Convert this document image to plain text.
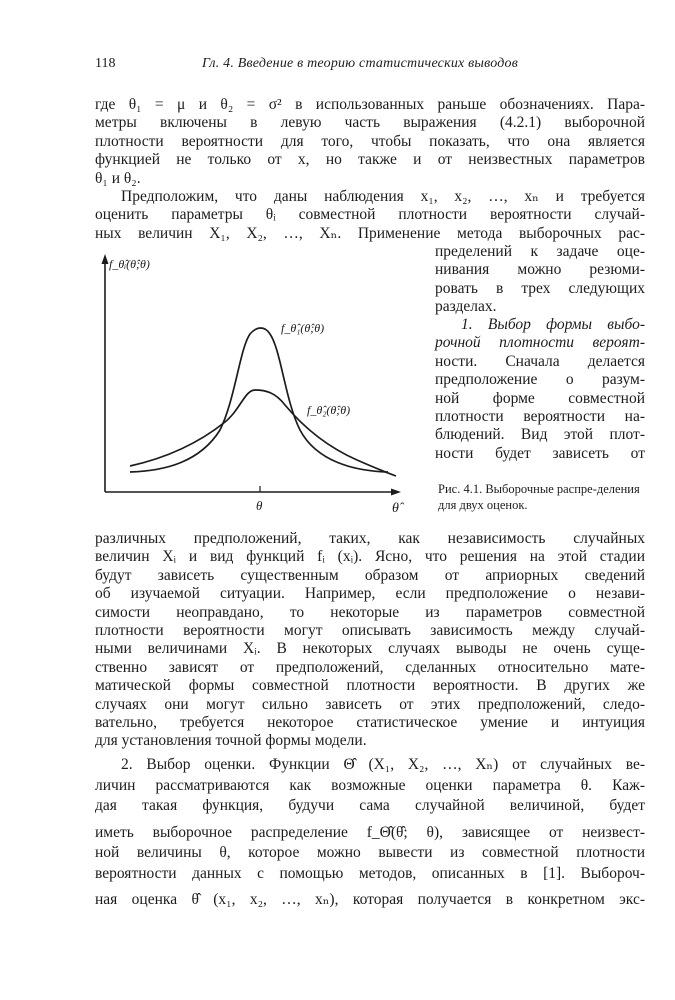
118	Гл. 4. Введение в теорию статистических выводов
где θ₁ = μ и θ₂ = σ² в использованных раньше обозначениях. Пара-
метры включены в левую часть выражения (4.2.1) выборочной
плотности вероятности для того, чтобы показать, что она является
функцией не только от x, но также и от неизвестных параметров
θ₁ и θ₂.
Предположим, что даны наблюдения x₁, x₂, …, xₙ и требуется
оценить параметры θᵢ совместной плотности вероятности случай-
ных величин X₁, X₂, …, Xₙ. Применение метода выборочных рас-
пределений к задаче оце-
нивания можно резюми-
ровать в трех следующих
разделах.
1. Выбор формы выбо-
рочной плотности вероят-
ности. Сначала делается
предположение о разум-
ной форме совместной
плотности вероятности на-
блюдений. Вид этой плот-
ности будет зависеть от
f_θ̂ᵢ(θ̂;θ)
f_θ̂₁(θ̂;θ)
f_θ̂₂(θ̂;θ)
θ	θ̂
Рис. 4.1. Выборочные распре-деления для двух оценок.
различных предположений, таких, как независимость случайных
величин Xᵢ и вид функций fᵢ (xᵢ). Ясно, что решения на этой стадии
будут зависеть существенным образом от априорных сведений
об изучаемой ситуации. Например, если предположение о незави-
симости неоправдано, то некоторые из параметров совместной
плотности вероятности могут описывать зависимость между случай-
ными величинами Xᵢ. В некоторых случаях выводы не очень суще-
ственно зависят от предположений, сделанных относительно мате-
матической формы совместной плотности вероятности. В других же
случаях они могут сильно зависеть от этих предположений, следо-
вательно, требуется некоторое статистическое умение и интуиция
для установления точной формы модели.
2. Выбор оценки. Функции Θ̂ (X₁, X₂, …, Xₙ) от случайных ве-
личин рассматриваются как возможные оценки параметра θ. Каж-
дая такая функция, будучи сама случайной величиной, будет
иметь выборочное распределение f_Θ̂(θ̂; θ), зависящее от неизвест-
ной величины θ, которое можно вывести из совместной плотности
вероятности данных с помощью методов, описанных в [1]. Выбороч-
ная оценка θ̂ (x₁, x₂, …, xₙ), которая получается в конкретном экс-
